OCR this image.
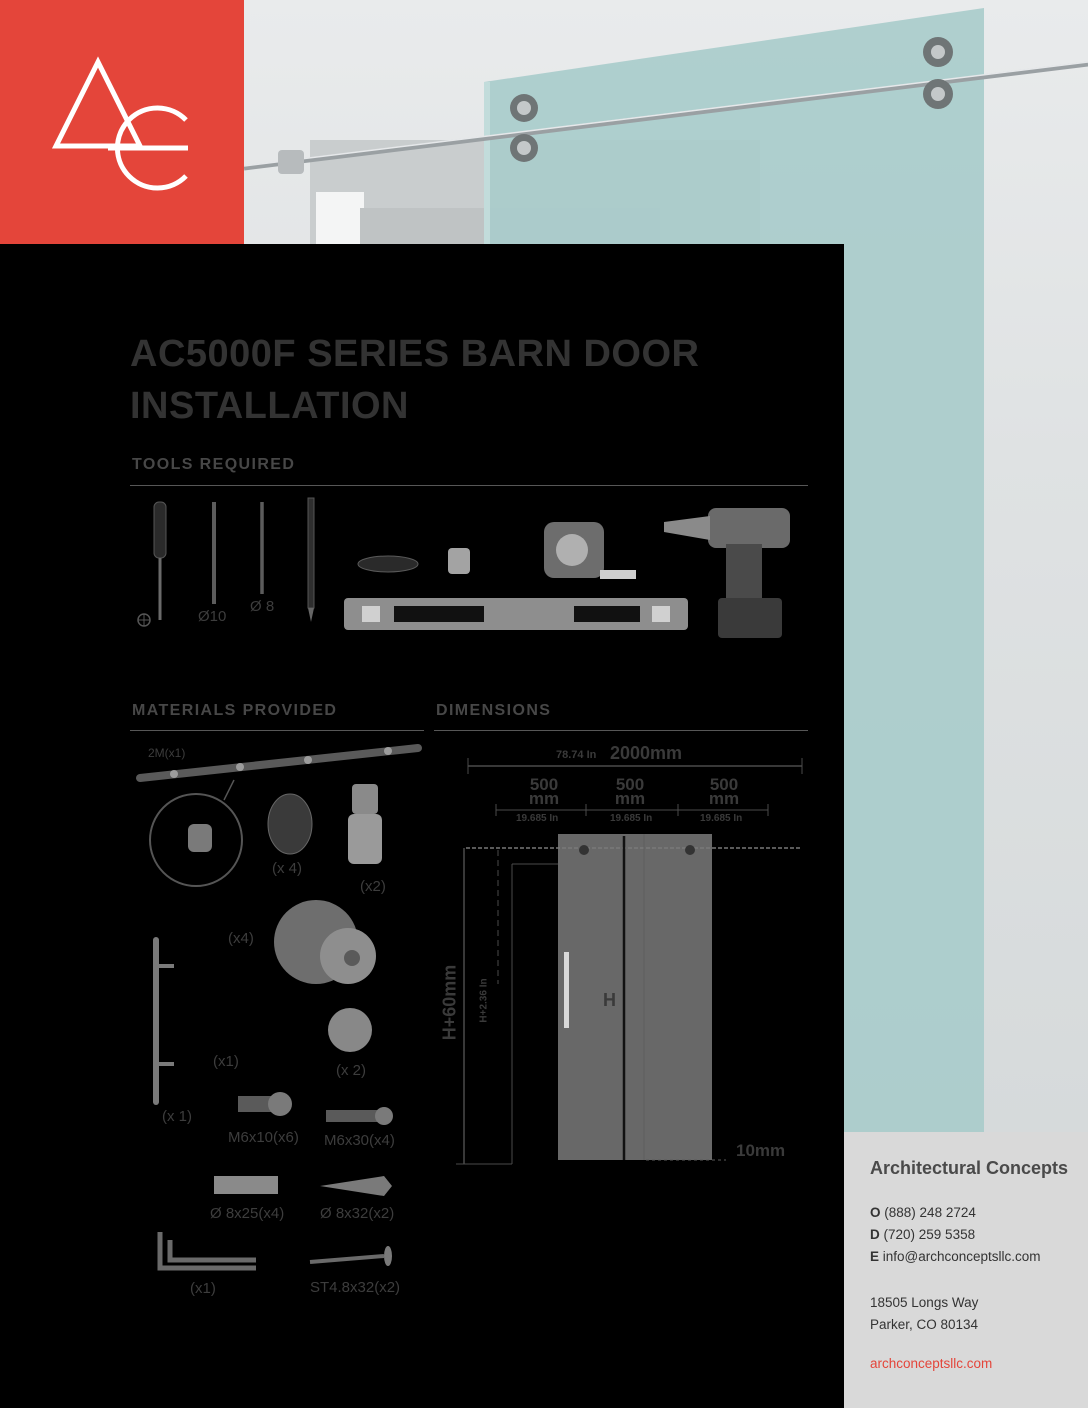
AC5000F SERIES BARN DOOR INSTALLATION
TOOLS REQUIRED
Ø10
Ø 8
MATERIALS PROVIDED
2M(x1)
(x 4)
(x2)
(x4)
(x1)
(x 2)
(x 1)
M6x10(x6) M6x30(x4)
Ø 8x25(x4) Ø 8x32(x2)
(x1)	ST4.8x32(x2)
DIMENSIONS
78.74 In 2000mm
500
mm
500
mm
500
mm
19.685 In	19.685 In	19.685 In
H+60mm H+2.36 In	H
10mm
Architectural Concepts
O (888) 248 2724
D (720) 259 5358
E info@archconceptsllc.com
18505 Longs Way
Parker, CO 80134
archconceptsllc.com
